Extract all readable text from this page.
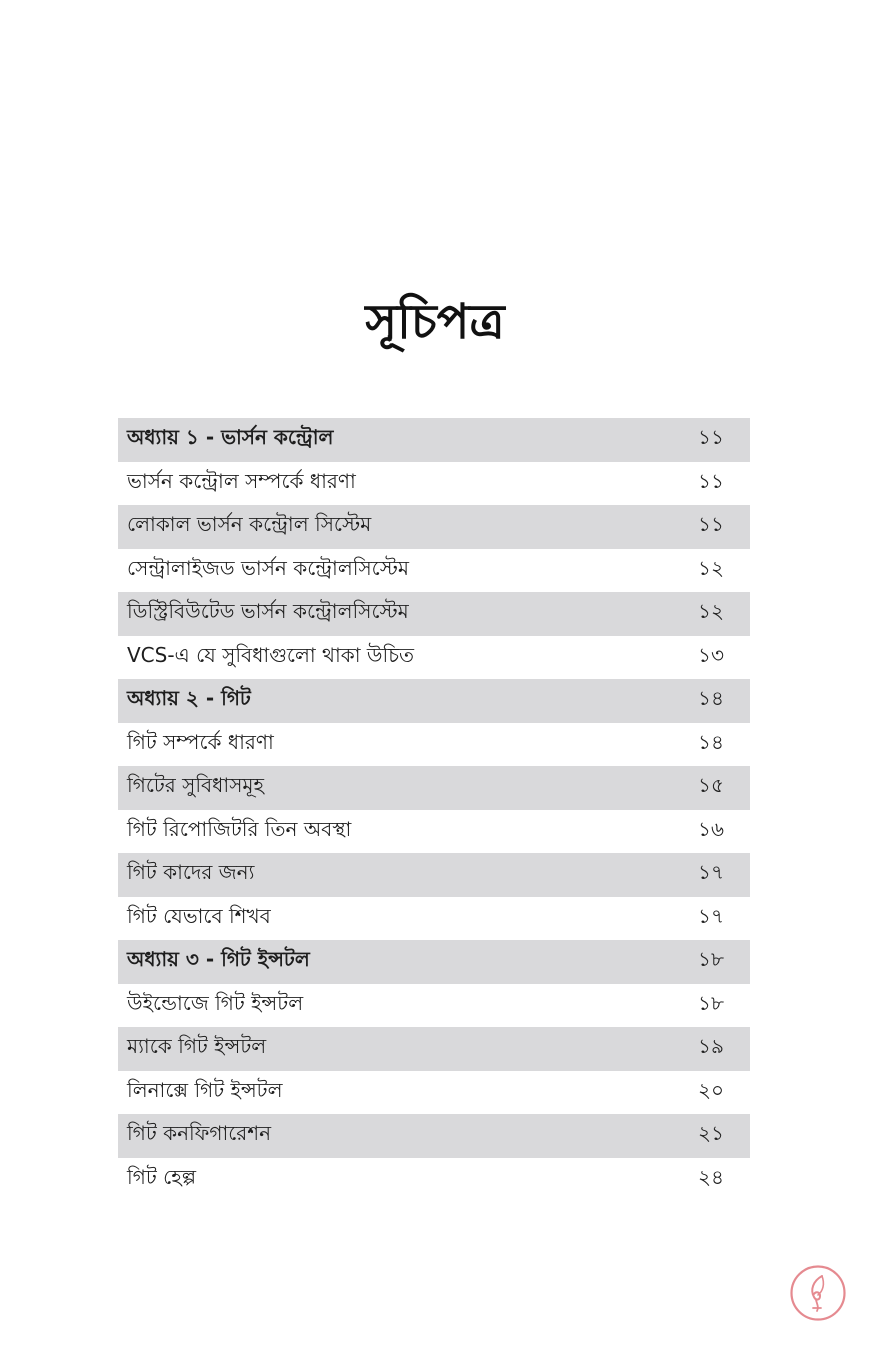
সূচিপত্র
অধ্যায় ১ - ভার্সন কন্ট্রোল	১১
ভার্সন কন্ট্রোল সম্পর্কে ধারণা	১১
লোকাল ভার্সন কন্ট্রোল সিস্টেম	১১
সেন্ট্রালাইজড ভার্সন কন্ট্রোলসিস্টেম	১২
ডিস্ট্রিবিউটেড ভার্সন কন্ট্রোলসিস্টেম	১২
VCS-এ যে সুবিধাগুলো থাকা উচিত	১৩
অধ্যায় ২ - গিট	১৪
গিট সম্পর্কে ধারণা	১৪
গিটের সুবিধাসমূহ	১৫
গিট রিপোজিটরি তিন অবস্থা	১৬
গিট কাদের জন্য	১৭
গিট যেভাবে শিখব	১৭
অধ্যায় ৩ - গিট ইন্সটল	১৮
উইন্ডোজে গিট ইন্সটল	১৮
ম্যাকে গিট ইন্সটল	১৯
লিনাক্সে গিট ইন্সটল	২০
গিট কনফিগারেশন	২১
গিট হেল্প	২৪
